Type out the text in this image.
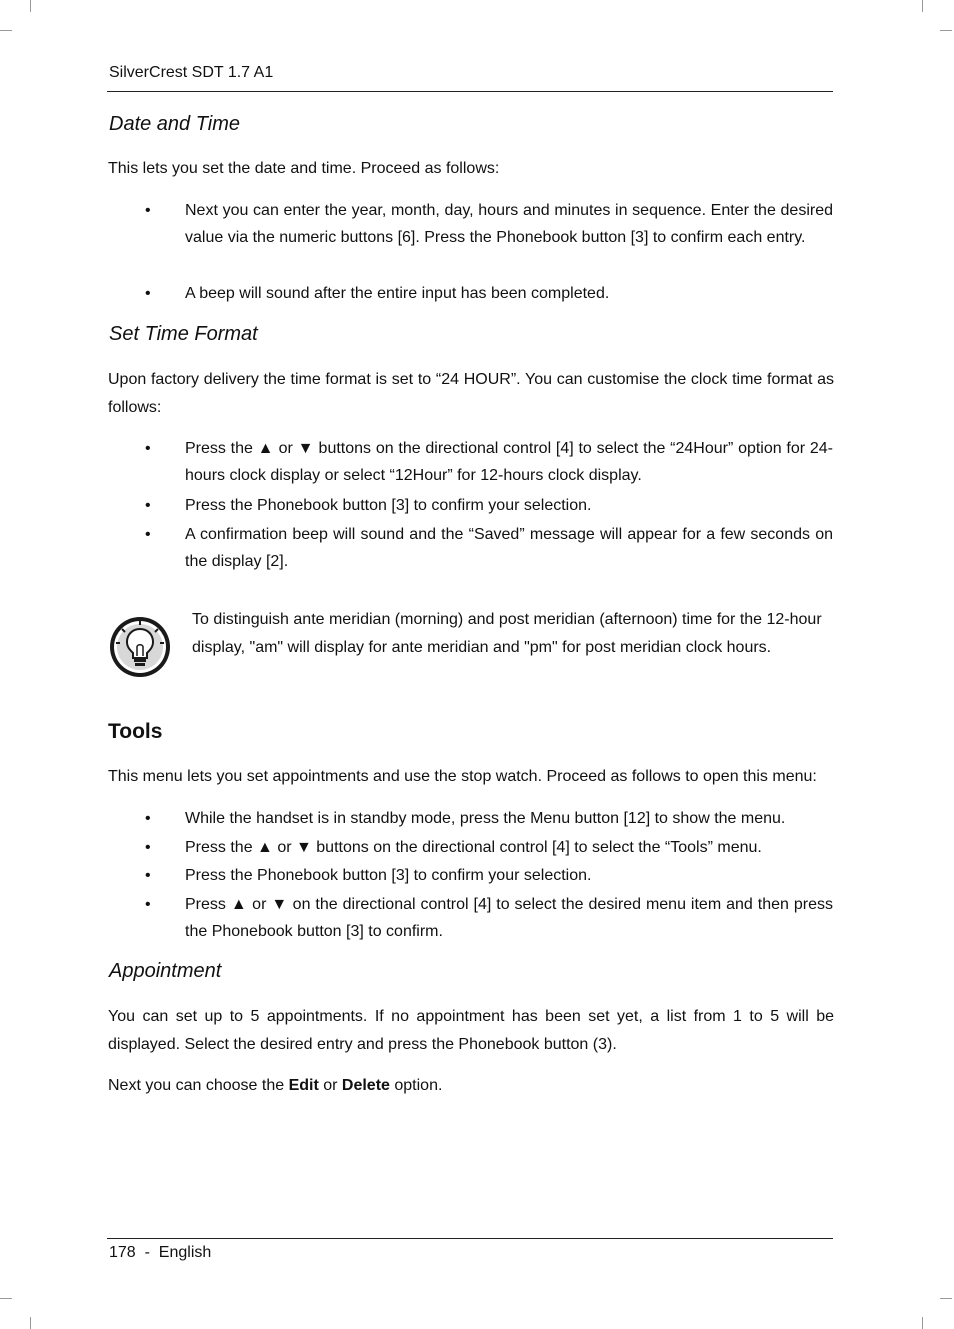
SilverCrest SDT 1.7 A1
Date and Time
This lets you set the date and time. Proceed as follows:
• Next you can enter the year, month, day, hours and minutes in sequence. Enter the desired value via the numeric buttons [6]. Press the Phonebook button [3] to confirm each entry.
• A beep will sound after the entire input has been completed.
Set Time Format
Upon factory delivery the time format is set to “24 HOUR”. You can customise the clock time format as follows:
• Press the ▲ or ▼ buttons on the directional control [4] to select the “24Hour” option for 24-hours clock display or select “12Hour” for 12-hours clock display.
• Press the Phonebook button [3] to confirm your selection.
• A confirmation beep will sound and the “Saved” message will appear for a few seconds on the display [2].
To distinguish ante meridian (morning) and post meridian (afternoon) time for the 12-hour display, "am" will display for ante meridian and "pm" for post meridian clock hours.
Tools
This menu lets you set appointments and use the stop watch. Proceed as follows to open this menu:
• While the handset is in standby mode, press the Menu button [12] to show the menu.
• Press the ▲ or ▼ buttons on the directional control [4] to select the “Tools” menu.
• Press the Phonebook button [3] to confirm your selection.
• Press ▲ or ▼ on the directional control [4] to select the desired menu item and then press the Phonebook button [3] to confirm.
Appointment
You can set up to 5 appointments. If no appointment has been set yet, a list from 1 to 5 will be displayed. Select the desired entry and press the Phonebook button (3).
Next you can choose the Edit or Delete option.
178  -  English
